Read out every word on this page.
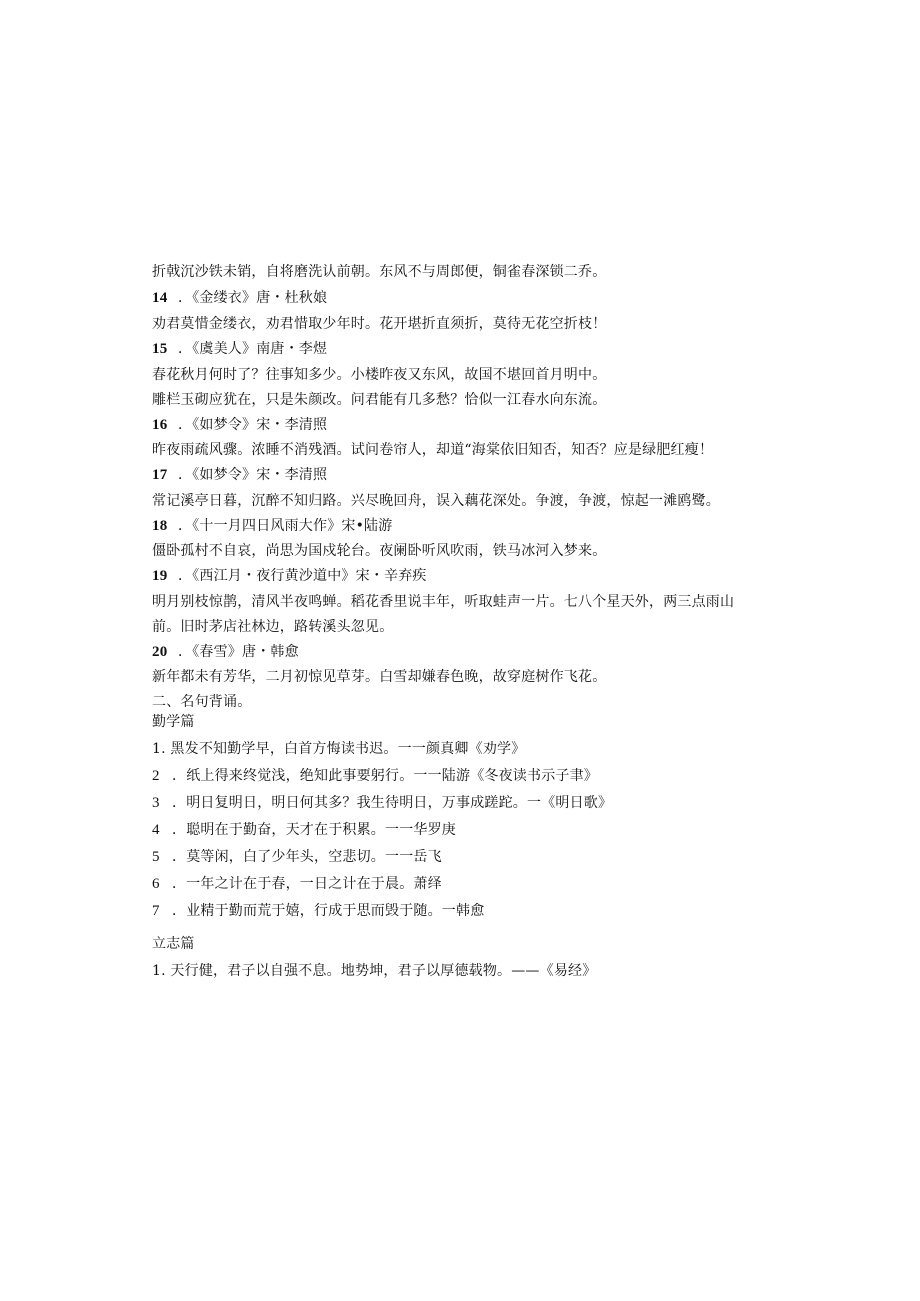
折戟沉沙铁未销，自将磨洗认前朝。东风不与周郎便，铜雀春深锁二乔。
14 ．《金缕衣》唐・杜秋娘
劝君莫惜金缕衣，劝君惜取少年时。花开堪折直须折，莫待无花空折枝！
15 ．《虞美人》南唐・李煜
春花秋月何时了？往事知多少。小楼昨夜又东风，故国不堪回首月明中。
雕栏玉砌应犹在，只是朱颜改。问君能有几多愁？恰似一江春水向东流。
16 ．《如梦令》宋・李清照
昨夜雨疏风骤。浓睡不消残酒。试问卷帘人，却道“海棠依旧知否，知否？应是绿肥红瘦！
17 ．《如梦令》宋・李清照
常记溪亭日暮，沉醉不知归路。兴尽晚回舟，误入藕花深处。争渡，争渡，惊起一滩鸥鹭。
18 ．《十一月四日风雨大作》宋•陆游
僵卧孤村不自哀，尚思为国戍轮台。夜阑卧听风吹雨，铁马冰河入梦来。
19 ．《西江月・夜行黄沙道中》宋・辛弃疾
明月别枝惊鹊，清风半夜鸣蝉。稻花香里说丰年，听取蛙声一片。七八个星天外，两三点雨山
前。旧时茅店社林边，路转溪头忽见。
20 ．《春雪》唐・韩愈
新年都未有芳华，二月初惊见草芽。白雪却嫌春色晚，故穿庭树作飞花。
二、名句背诵。
勤学篇
1. 黑发不知勤学早，白首方悔读书迟。一一颜真卿《劝学》
2 ．纸上得来终觉浅，绝知此事要躬行。一一陆游《冬夜读书示子聿》
3 ．明日复明日，明日何其多？我生待明日，万事成蹉跎。一《明日歌》
4 ．聪明在于勤奋，天才在于积累。一一华罗庚
5 ．莫等闲，白了少年头，空悲切。一一岳飞
6 ．一年之计在于春，一日之计在于晨。萧绎
7 ．业精于勤而荒于嬉，行成于思而毁于随。一韩愈
立志篇
1. 天行健，君子以自强不息。地势坤，君子以厚德载物。——《易经》
